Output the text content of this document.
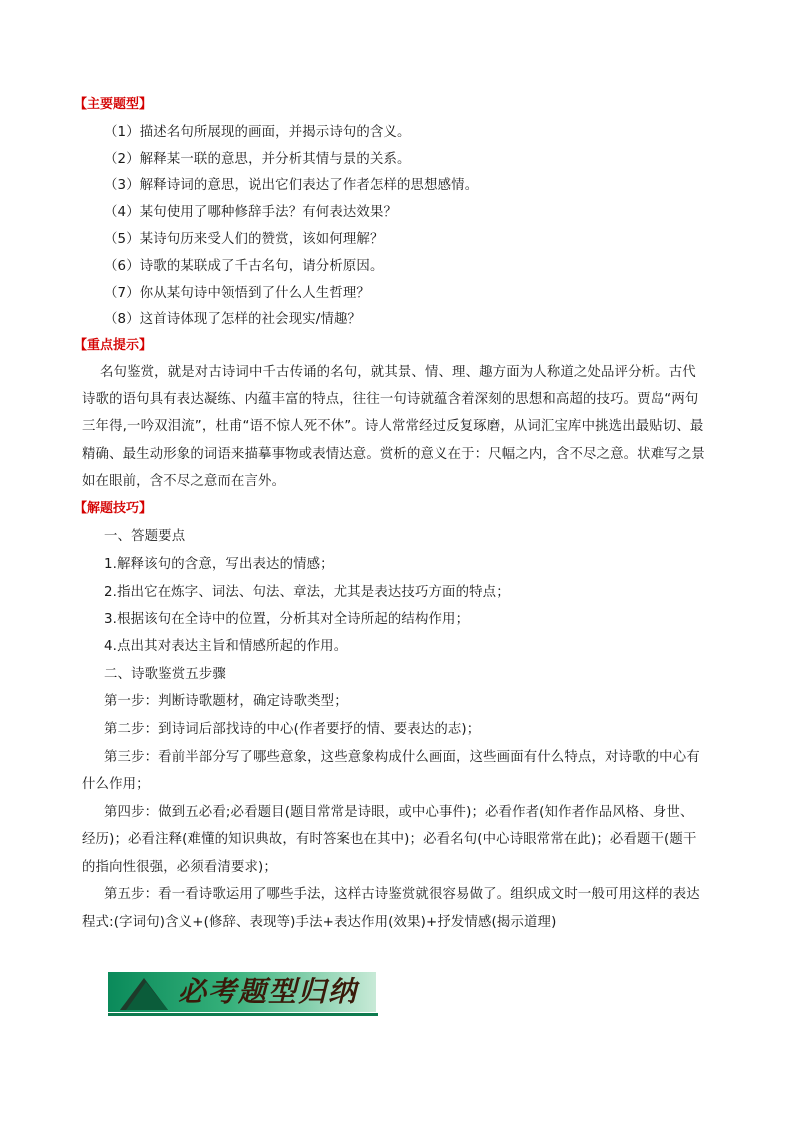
【主要题型】
（1）描述名句所展现的画面，并揭示诗句的含义。
（2）解释某一联的意思，并分析其情与景的关系。
（3）解释诗词的意思，说出它们表达了作者怎样的思想感情。
（4）某句使用了哪种修辞手法？有何表达效果？
（5）某诗句历来受人们的赞赏，该如何理解？
（6）诗歌的某联成了千古名句，请分析原因。
（7）你从某句诗中领悟到了什么人生哲理？
（8）这首诗体现了怎样的社会现实/情趣？
【重点提示】
名句鉴赏，就是对古诗词中千古传诵的名句，就其景、情、理、趣方面为人称道之处品评分析。古代
诗歌的语句具有表达凝练、内蕴丰富的特点，往往一句诗就蕴含着深刻的思想和高超的技巧。贾岛“两句
三年得,一吟双泪流”，杜甫“语不惊人死不休”。诗人常常经过反复琢磨，从词汇宝库中挑选出最贴切、最
精确、最生动形象的词语来描摹事物或表情达意。赏析的意义在于：尺幅之内，含不尽之意。状难写之景
如在眼前，含不尽之意而在言外。
【解题技巧】
一、答题要点
1.解释该句的含意，写出表达的情感；
2.指出它在炼字、词法、句法、章法，尤其是表达技巧方面的特点；
3.根据该句在全诗中的位置，分析其对全诗所起的结构作用；
4.点出其对表达主旨和情感所起的作用。
二、诗歌鉴赏五步骤
第一步：判断诗歌题材，确定诗歌类型；
第二步：到诗词后部找诗的中心(作者要抒的情、要表达的志)；
第三步：看前半部分写了哪些意象，这些意象构成什么画面，这些画面有什么特点，对诗歌的中心有
什么作用；
第四步：做到五必看;必看题目(题目常常是诗眼，或中心事件)；必看作者(知作者作品风格、身世、
经历)；必看注释(难懂的知识典故，有时答案也在其中)；必看名句(中心诗眼常常在此)；必看题干(题干
的指向性很强，必须看清要求)；
第五步：看一看诗歌运用了哪些手法，这样古诗鉴赏就很容易做了。组织成文时一般可用这样的表达
程式:(字词句)含义+(修辞、表现等)手法+表达作用(效果)+抒发情感(揭示道理)
必考题型归纳
